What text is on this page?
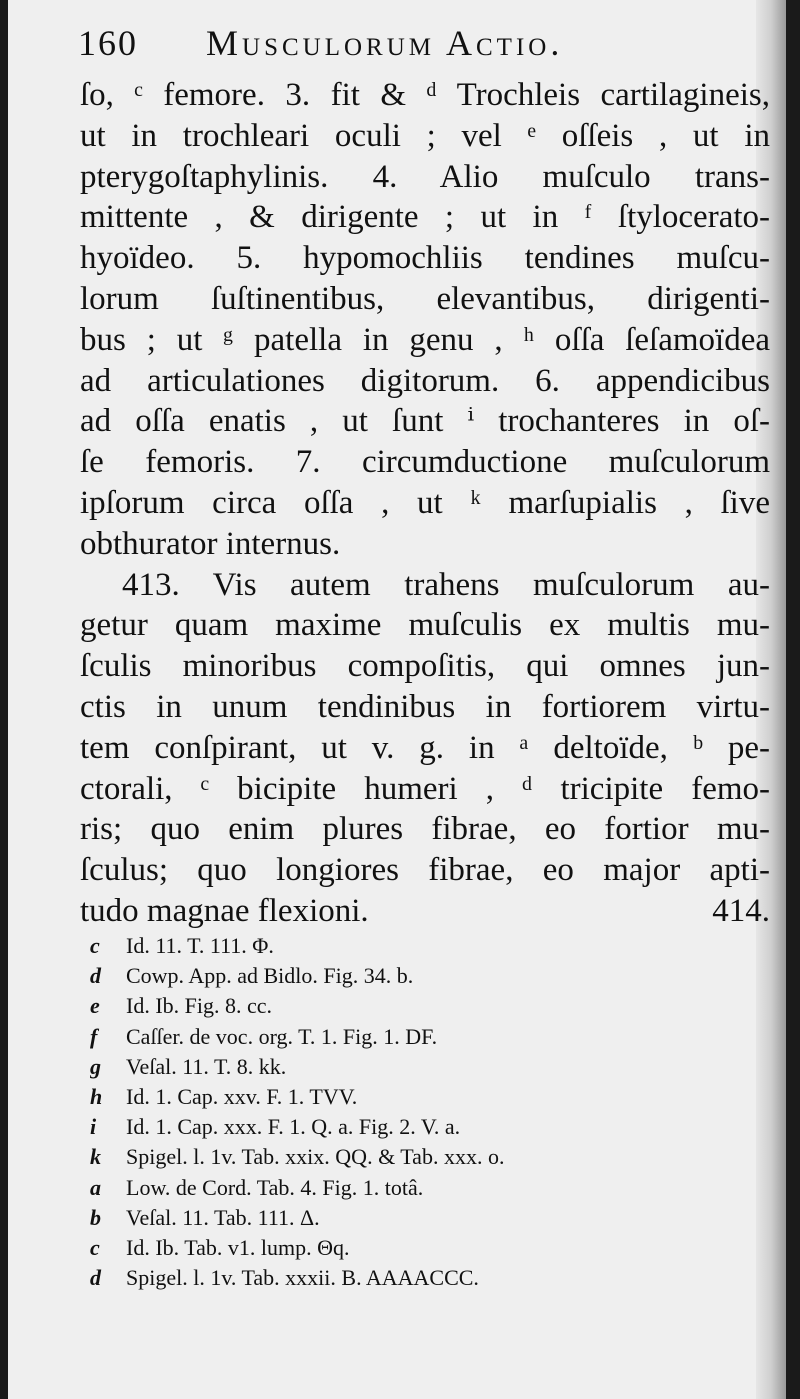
160 Musculorum Actio.
ſo, ᶜ femore. 3. fit & ᵈ Trochleis cartilagineis,
ut in trochleari oculi ; vel ᵉ oſſeis , ut in
pterygoſtaphylinis. 4. Alio muſculo trans-
mittente , & dirigente ; ut in ᶠ ſtylocerato-
hyoïdeo. 5. hypomochliis tendines muſcu-
lorum ſuſtinentibus, elevantibus, dirigenti-
bus ; ut ᵍ patella in genu , ʰ oſſa ſeſamoïdea
ad articulationes digitorum. 6. appendicibus
ad oſſa enatis , ut ſunt ⁱ trochanteres in oſ-
ſe femoris. 7. circumductione muſculorum
ipſorum circa oſſa , ut ᵏ marſupialis , ſive
obthurator internus.
413. Vis autem trahens muſculorum au-
getur quam maxime muſculis ex multis mu-
ſculis minoribus compoſitis, qui omnes jun-
ctis in unum tendinibus in fortiorem virtu-
tem conſpirant, ut v. g. in ᵃ deltoïde, ᵇ pe-
ctorali, ᶜ bicipite humeri , ᵈ tricipite femo-
ris; quo enim plures fibrae, eo fortior mu-
ſculus; quo longiores fibrae, eo major apti-
tudo magnae flexioni.	414.
c Id. 11. T. 111. Φ.
d Cowp. App. ad Bidlo. Fig. 34. b.
e Id. Ib. Fig. 8. cc.
f Caſſer. de voc. org. T. 1. Fig. 1. DF.
g Veſal. 11. T. 8. kk.
h Id. 1. Cap. xxv. F. 1. TVV.
i Id. 1. Cap. xxx. F. 1. Q. a. Fig. 2. V. a.
k Spigel. l. 1v. Tab. xxix. QQ. & Tab. xxx. o.
a Low. de Cord. Tab. 4. Fig. 1. totâ.
b Veſal. 11. Tab. 111. Δ.
c Id. Ib. Tab. v1. lump. Θq.
d Spigel. l. 1v. Tab. xxxii. B. AAAACCC.
